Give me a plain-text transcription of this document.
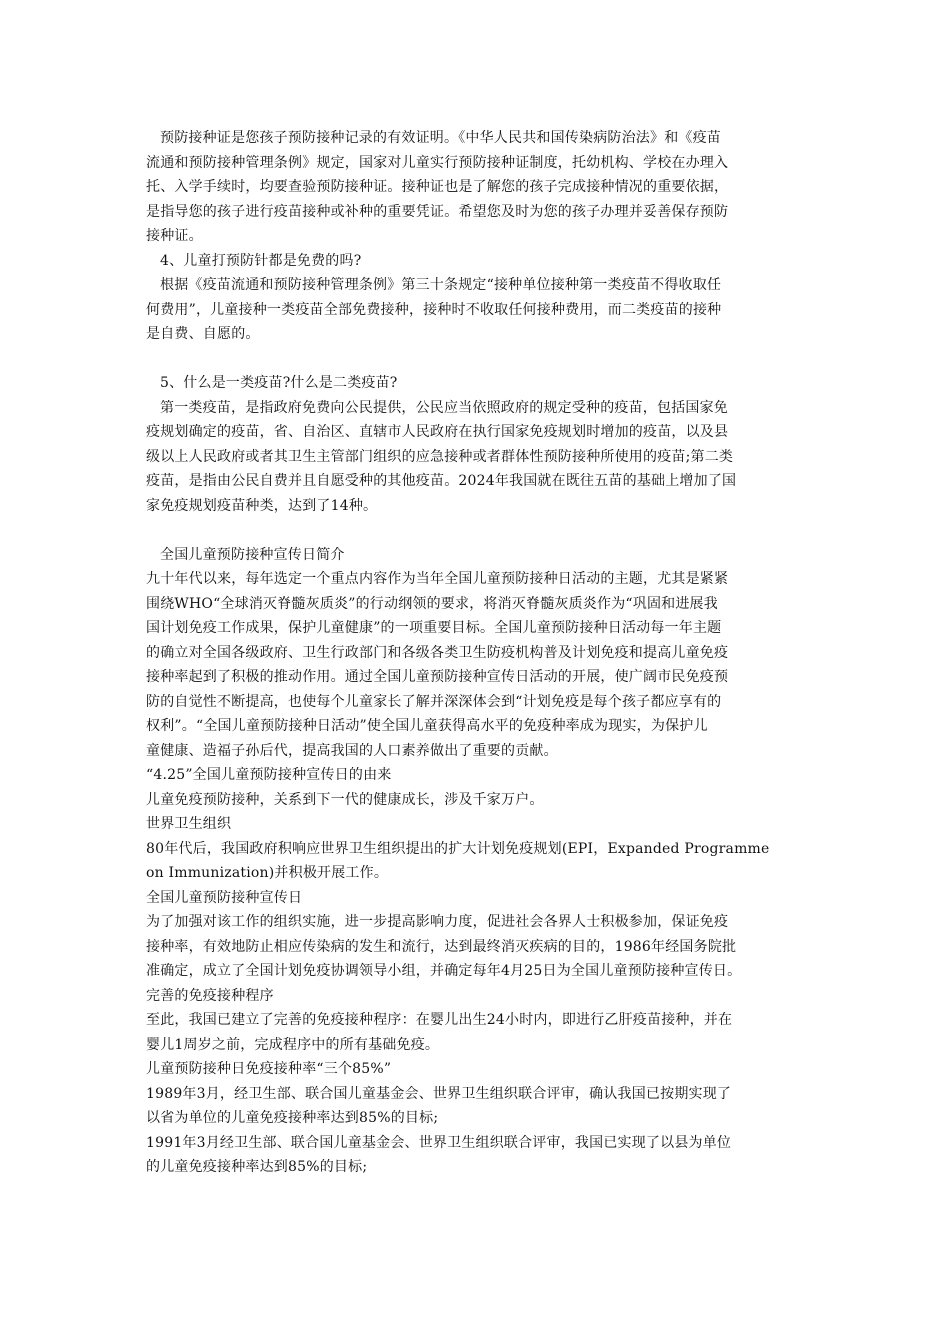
预防接种证是您孩子预防接种记录的有效证明。《中华人民共和国传染病防治法》和《疫苗
流通和预防接种管理条例》规定，国家对儿童实行预防接种证制度，托幼机构、学校在办理入
托、入学手续时，均要查验预防接种证。接种证也是了解您的孩子完成接种情况的重要依据，
是指导您的孩子进行疫苗接种或补种的重要凭证。希望您及时为您的孩子办理并妥善保存预防
接种证。
4、儿童打预防针都是免费的吗?
根据《疫苗流通和预防接种管理条例》第三十条规定“接种单位接种第一类疫苗不得收取任
何费用”，儿童接种一类疫苗全部免费接种，接种时不收取任何接种费用，而二类疫苗的接种
是自费、自愿的。
5、什么是一类疫苗?什么是二类疫苗?
第一类疫苗，是指政府免费向公民提供，公民应当依照政府的规定受种的疫苗，包括国家免
疫规划确定的疫苗，省、自治区、直辖市人民政府在执行国家免疫规划时增加的疫苗，以及县
级以上人民政府或者其卫生主管部门组织的应急接种或者群体性预防接种所使用的疫苗;第二类
疫苗，是指由公民自费并且自愿受种的其他疫苗。2024年我国就在既往五苗的基础上增加了国
家免疫规划疫苗种类，达到了14种。
全国儿童预防接种宣传日简介
九十年代以来，每年选定一个重点内容作为当年全国儿童预防接种日活动的主题，尤其是紧紧
围绕WHO“全球消灭脊髓灰质炎”的行动纲领的要求，将消灭脊髓灰质炎作为“巩固和进展我
国计划免疫工作成果，保护儿童健康”的一项重要目标。全国儿童预防接种日活动每一年主题
的确立对全国各级政府、卫生行政部门和各级各类卫生防疫机构普及计划免疫和提高儿童免疫
接种率起到了积极的推动作用。通过全国儿童预防接种宣传日活动的开展，使广阔市民免疫预
防的自觉性不断提高，也使每个儿童家长了解并深深体会到“计划免疫是每个孩子都应享有的
权利”。“全国儿童预防接种日活动”使全国儿童获得高水平的免疫种率成为现实，为保护儿
童健康、造福子孙后代，提高我国的人口素养做出了重要的贡献。
“4.25”全国儿童预防接种宣传日的由来
儿童免疫预防接种，关系到下一代的健康成长，涉及千家万户。
世界卫生组织
80年代后，我国政府积响应世界卫生组织提出的扩大计划免疫规划(EPI，Expanded Programme
on Immunization)并积极开展工作。
全国儿童预防接种宣传日
为了加强对该工作的组织实施，进一步提高影响力度，促进社会各界人士积极参加，保证免疫
接种率，有效地防止相应传染病的发生和流行，达到最终消灭疾病的目的，1986年经国务院批
准确定，成立了全国计划免疫协调领导小组，并确定每年4月25日为全国儿童预防接种宣传日。
完善的免疫接种程序
至此，我国已建立了完善的免疫接种程序：在婴儿出生24小时内，即进行乙肝疫苗接种，并在
婴儿1周岁之前，完成程序中的所有基础免疫。
儿童预防接种日免疫接种率“三个85%”
1989年3月，经卫生部、联合国儿童基金会、世界卫生组织联合评审，确认我国已按期实现了
以省为单位的儿童免疫接种率达到85%的目标;
1991年3月经卫生部、联合国儿童基金会、世界卫生组织联合评审，我国已实现了以县为单位
的儿童免疫接种率达到85%的目标;
